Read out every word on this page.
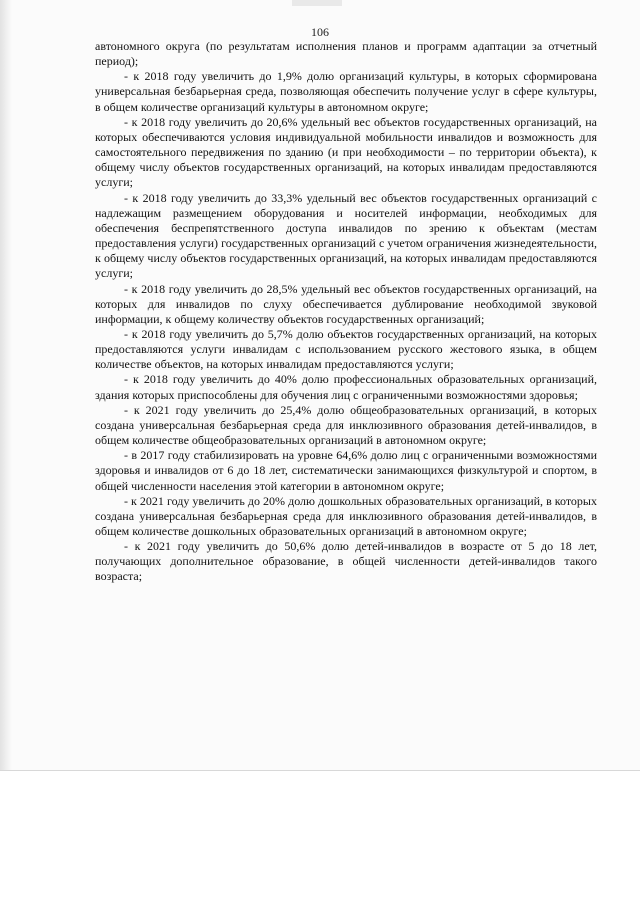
106

автономного округа (по результатам исполнения планов и программ адаптации за отчетный период);

- к 2018 году увеличить до 1,9% долю организаций культуры, в которых сформирована универсальная безбарьерная среда, позволяющая обеспечить получение услуг в сфере культуры, в общем количестве организаций культуры в автономном округе;

- к 2018 году увеличить до 20,6% удельный вес объектов государственных организаций, на которых обеспечиваются условия индивидуальной мобильности инвалидов и возможность для самостоятельного передвижения по зданию (и при необходимости – по территории объекта), к общему числу объектов государственных организаций, на которых инвалидам предоставляются услуги;

- к 2018 году увеличить до 33,3% удельный вес объектов государственных организаций с надлежащим размещением оборудования и носителей информации, необходимых для обеспечения беспрепятственного доступа инвалидов по зрению к объектам (местам предоставления услуги) государственных организаций с учетом ограничения жизнедеятельности, к общему числу объектов государственных организаций, на которых инвалидам предоставляются услуги;

- к 2018 году увеличить до 28,5% удельный вес объектов государственных организаций, на которых для инвалидов по слуху обеспечивается дублирование необходимой звуковой информации, к общему количеству объектов государственных организаций;

- к 2018 году увеличить до 5,7% долю объектов государственных организаций, на которых предоставляются услуги инвалидам с использованием русского жестового языка, в общем количестве объектов, на которых инвалидам предоставляются услуги;

- к 2018 году увеличить до 40% долю профессиональных образовательных организаций, здания которых приспособлены для обучения лиц с ограниченными возможностями здоровья;

- к 2021 году увеличить до 25,4% долю общеобразовательных организаций, в которых создана универсальная безбарьерная среда для инклюзивного образования детей-инвалидов, в общем количестве общеобразовательных организаций в автономном округе;

- в 2017 году стабилизировать на уровне 64,6% долю лиц с ограниченными возможностями здоровья и инвалидов от 6 до 18 лет, систематически занимающихся физкультурой и спортом, в общей численности населения этой категории в автономном округе;

- к 2021 году увеличить до 20% долю дошкольных образовательных организаций, в которых создана универсальная безбарьерная среда для инклюзивного образования детей-инвалидов, в общем количестве дошкольных образовательных организаций в автономном округе;

- к 2021 году увеличить до 50,6% долю детей-инвалидов в возрасте от 5 до 18 лет, получающих дополнительное образование, в общей численности детей-инвалидов такого возраста;
